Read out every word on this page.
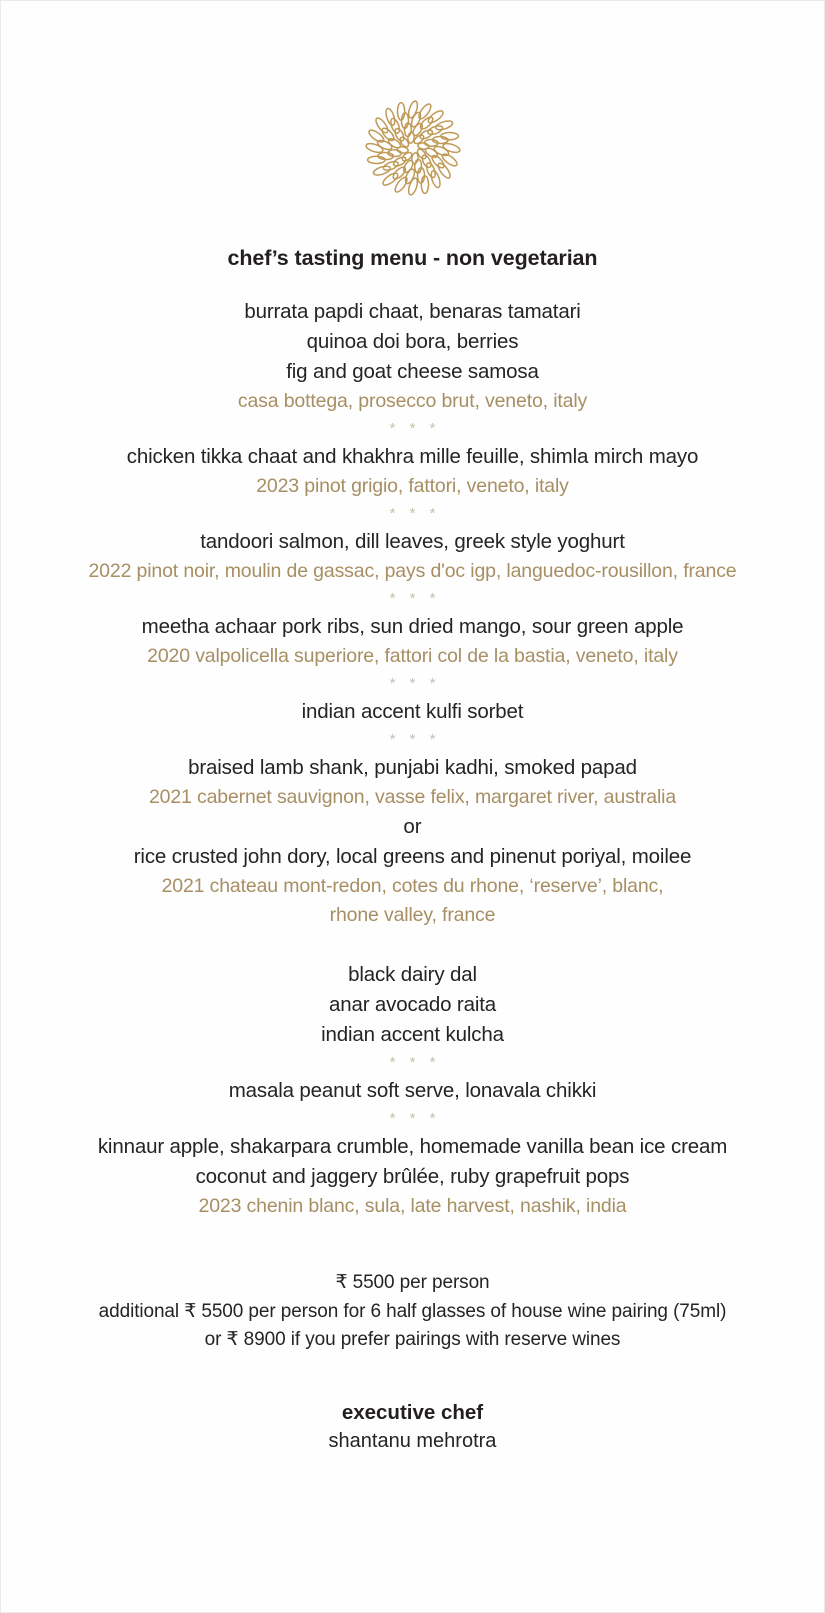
chef’s tasting menu - non vegetarian
burrata papdi chaat, benaras tamatari
quinoa doi bora, berries
fig and goat cheese samosa
casa bottega, prosecco brut, veneto, italy
* * *
chicken tikka chaat and khakhra mille feuille, shimla mirch mayo
2023 pinot grigio, fattori, veneto, italy
* * *
tandoori salmon, dill leaves, greek style yoghurt
2022 pinot noir, moulin de gassac, pays d'oc igp, languedoc-rousillon, france
* * *
meetha achaar pork ribs, sun dried mango, sour green apple
2020 valpolicella superiore, fattori col de la bastia, veneto, italy
* * *
indian accent kulfi sorbet
* * *
braised lamb shank, punjabi kadhi, smoked papad
2021 cabernet sauvignon, vasse felix, margaret river, australia
or
rice crusted john dory, local greens and pinenut poriyal, moilee
2021 chateau mont-redon, cotes du rhone, ‘reserve’, blanc, rhone valley, france
black dairy dal
anar avocado raita
indian accent kulcha
* * *
masala peanut soft serve, lonavala chikki
* * *
kinnaur apple, shakarpara crumble, homemade vanilla bean ice cream
coconut and jaggery brûlée, ruby grapefruit pops
2023 chenin blanc, sula, late harvest, nashik, india
₹ 5500 per person
additional ₹ 5500 per person for 6 half glasses of house wine pairing (75ml)
or ₹ 8900 if you prefer pairings with reserve wines
executive chef
shantanu mehrotra
